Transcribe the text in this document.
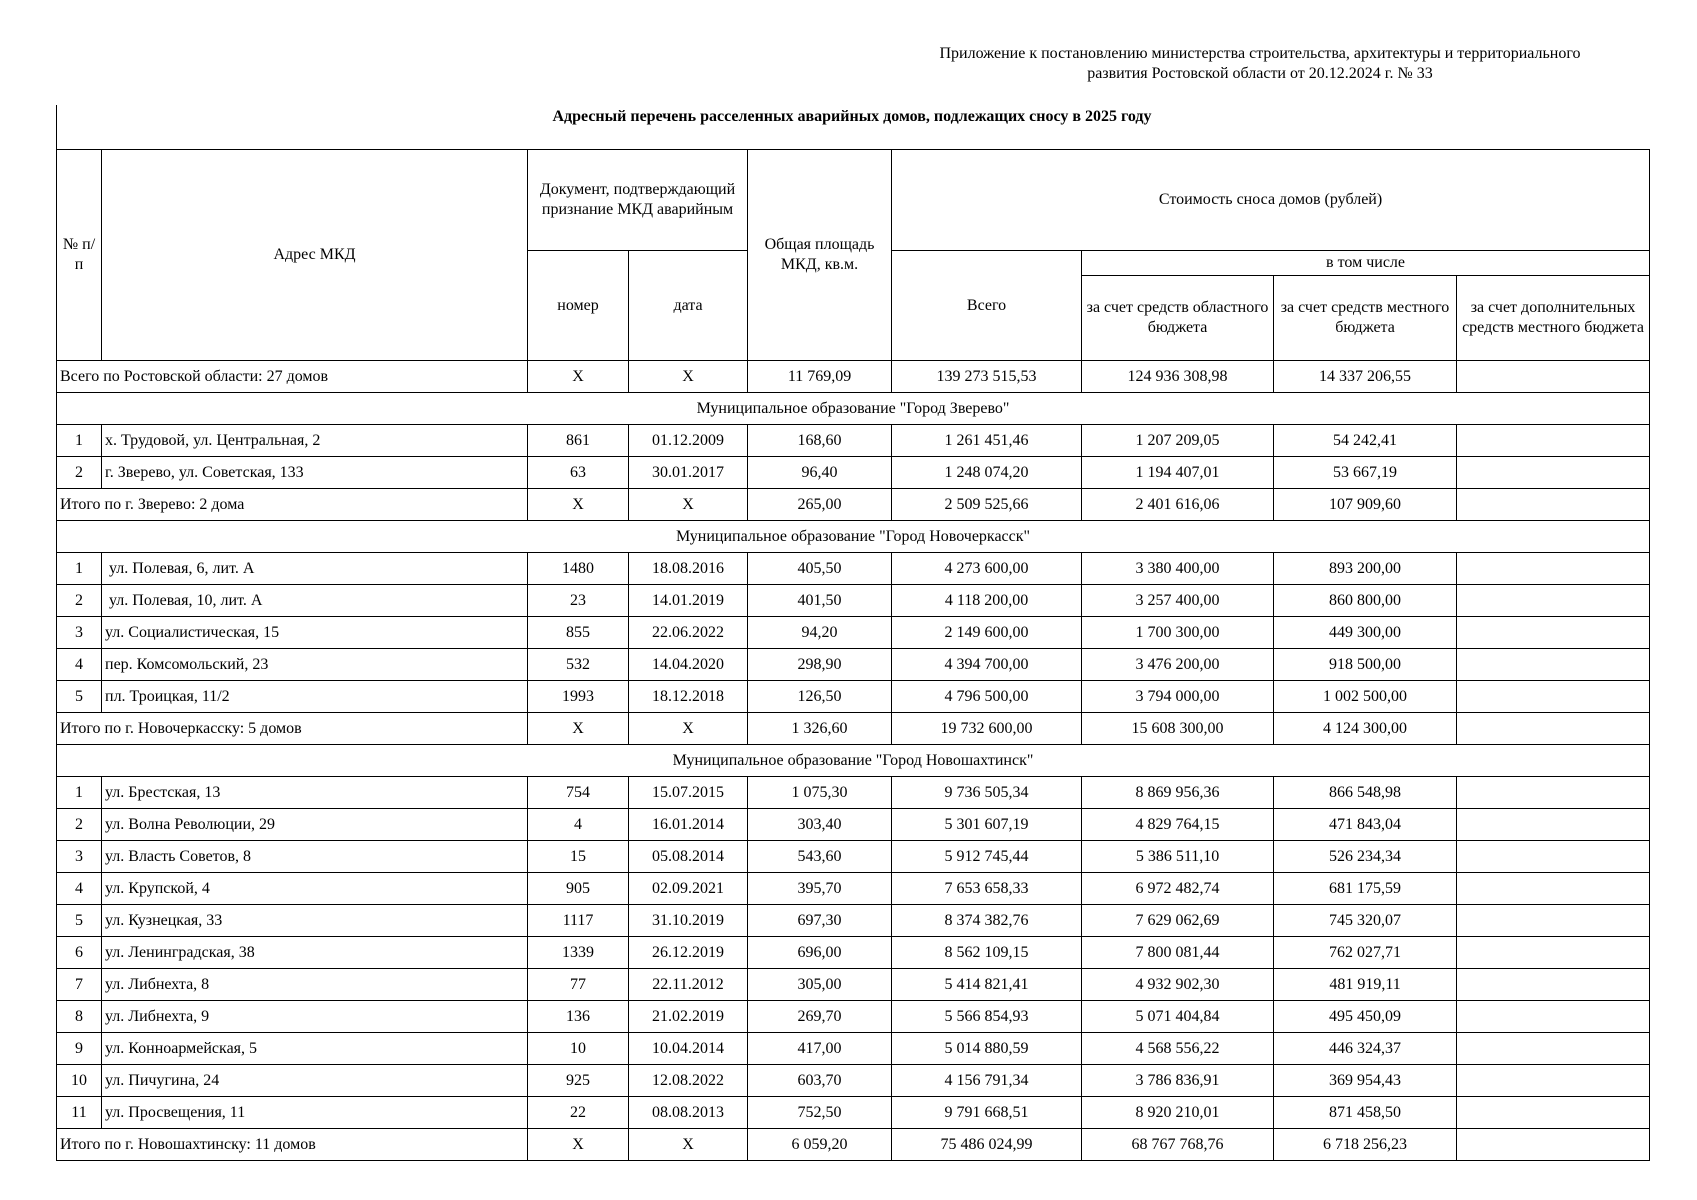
Приложение к постановлению министерства строительства, архитектуры и территориального
развития Ростовской области от 20.12.2024 г. № 33
Адресный перечень расселенных аварийных домов, подлежащих сносу в 2025 году
№ п/п	Адрес МКД	Документ, подтверждающий признание МКД аварийным		Общая площадь МКД, кв.м.	Стоимость сноса домов (рублей)			
		номер	дата		Всего	в том числе		
						за счет средств областного бюджета	за счет средств местного бюджета	за счет дополнительных средств местного бюджета
Всего по Ростовской области: 27 домов		X	X	11 769,09	139 273 515,53	124 936 308,98	14 337 206,55	
Муниципальное образование "Город Зверево"								
1	х. Трудовой, ул. Центральная, 2	861	01.12.2009	168,60	1 261 451,46	1 207 209,05	54 242,41	
2	г. Зверево, ул. Советская, 133	63	30.01.2017	96,40	1 248 074,20	1 194 407,01	53 667,19	
Итого по г. Зверево: 2 дома		X	X	265,00	2 509 525,66	2 401 616,06	107 909,60	
Муниципальное образование "Город Новочеркасск"								
1	ул. Полевая, 6, лит. А	1480	18.08.2016	405,50	4 273 600,00	3 380 400,00	893 200,00	
2	ул. Полевая, 10, лит. А	23	14.01.2019	401,50	4 118 200,00	3 257 400,00	860 800,00	
3	ул. Социалистическая, 15	855	22.06.2022	94,20	2 149 600,00	1 700 300,00	449 300,00	
4	пер. Комсомольский, 23	532	14.04.2020	298,90	4 394 700,00	3 476 200,00	918 500,00	
5	пл. Троицкая, 11/2	1993	18.12.2018	126,50	4 796 500,00	3 794 000,00	1 002 500,00	
Итого по г. Новочеркасску: 5 домов		X	X	1 326,60	19 732 600,00	15 608 300,00	4 124 300,00	
Муниципальное образование "Город Новошахтинск"								
1	ул. Брестская, 13	754	15.07.2015	1 075,30	9 736 505,34	8 869 956,36	866 548,98	
2	ул. Волна Революции, 29	4	16.01.2014	303,40	5 301 607,19	4 829 764,15	471 843,04	
3	ул. Власть Советов, 8	15	05.08.2014	543,60	5 912 745,44	5 386 511,10	526 234,34	
4	ул. Крупской, 4	905	02.09.2021	395,70	7 653 658,33	6 972 482,74	681 175,59	
5	ул. Кузнецкая, 33	1117	31.10.2019	697,30	8 374 382,76	7 629 062,69	745 320,07	
6	ул. Ленинградская, 38	1339	26.12.2019	696,00	8 562 109,15	7 800 081,44	762 027,71	
7	ул. Либнехта, 8	77	22.11.2012	305,00	5 414 821,41	4 932 902,30	481 919,11	
8	ул. Либнехта, 9	136	21.02.2019	269,70	5 566 854,93	5 071 404,84	495 450,09	
9	ул. Конноармейская, 5	10	10.04.2014	417,00	5 014 880,59	4 568 556,22	446 324,37	
10	ул. Пичугина, 24	925	12.08.2022	603,70	4 156 791,34	3 786 836,91	369 954,43	
11	ул. Просвещения, 11	22	08.08.2013	752,50	9 791 668,51	8 920 210,01	871 458,50	
Итого по г. Новошахтинску: 11 домов		X	X	6 059,20	75 486 024,99	68 767 768,76	6 718 256,23	
